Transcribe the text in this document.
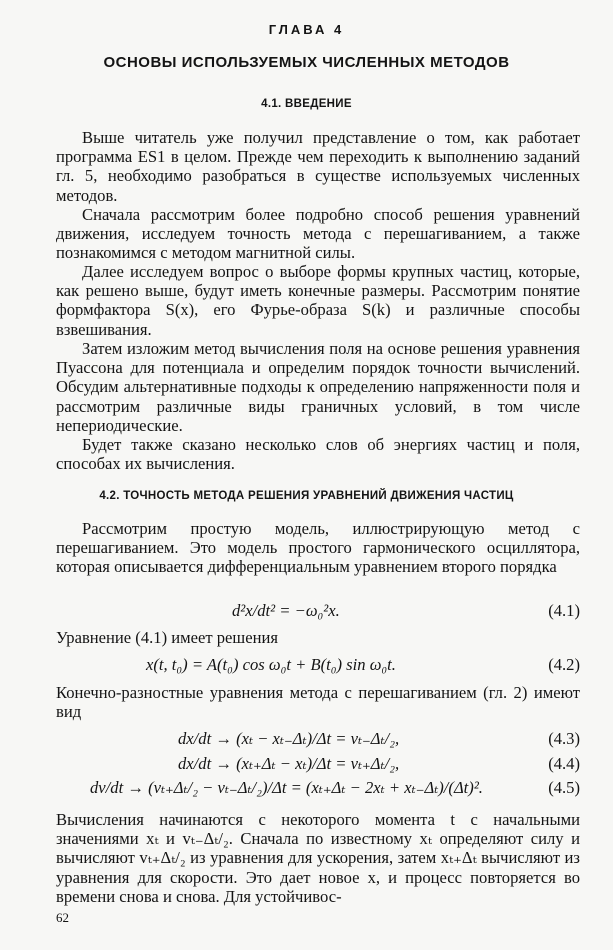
ГЛАВА 4
ОСНОВЫ ИСПОЛЬЗУЕМЫХ ЧИСЛЕННЫХ МЕТОДОВ
4.1. ВВЕДЕНИЕ

Выше читатель уже получил представление о том, как работает программа ES1 в целом. Прежде чем переходить к выполнению заданий гл. 5, необходимо разобраться в существе используемых численных методов.

Сначала рассмотрим более подробно способ решения уравнений движения, исследуем точность метода с перешагиванием, а также познакомимся с методом магнитной силы.

Далее исследуем вопрос о выборе формы крупных частиц, которые, как решено выше, будут иметь конечные размеры. Рассмотрим понятие формфактора S(x), его Фурье-образа S(k) и различные способы взвешивания.

Затем изложим метод вычисления поля на основе решения уравнения Пуассона для потенциала и определим порядок точности вычислений. Обсудим альтернативные подходы к определению напряженности поля и рассмотрим различные виды граничных условий, в том числе непериодические.

Будет также сказано несколько слов об энергиях частиц и поля, способах их вычисления.

4.2. ТОЧНОСТЬ МЕТОДА РЕШЕНИЯ УРАВНЕНИЙ ДВИЖЕНИЯ ЧАСТИЦ

Рассмотрим простую модель, иллюстрирующую метод с перешагиванием. Это модель простого гармонического осциллятора, которая описывается дифференциальным уравнением второго порядка

d²x/dt² = −ω₀²x.	(4.1)

Уравнение (4.1) имеет решения

x(t, t₀) = A(t₀) cos ω₀t + B(t₀) sin ω₀t.	(4.2)

Конечно-разностные уравнения метода с перешагиванием (гл. 2) имеют вид

dx/dt → (xₜ − xₜ₋Δₜ)/Δt = vₜ₋Δₜ/₂,	(4.3)
dx/dt → (xₜ₊Δₜ − xₜ)/Δt = vₜ₊Δₜ/₂,	(4.4)
dv/dt → (vₜ₊Δₜ/₂ − vₜ₋Δₜ/₂)/Δt = (xₜ₊Δₜ − 2xₜ + xₜ₋Δₜ)/(Δt)².	(4.5)

Вычисления начинаются с некоторого момента t с начальными значениями xₜ и vₜ₋Δₜ/₂. Сначала по известному xₜ определяют силу и вычисляют vₜ₊Δₜ/₂ из уравнения для ускорения, затем xₜ₊Δₜ вычисляют из уравнения для скорости. Это дает новое x, и процесс повторяется во времени снова и снова. Для устойчивос-

62
